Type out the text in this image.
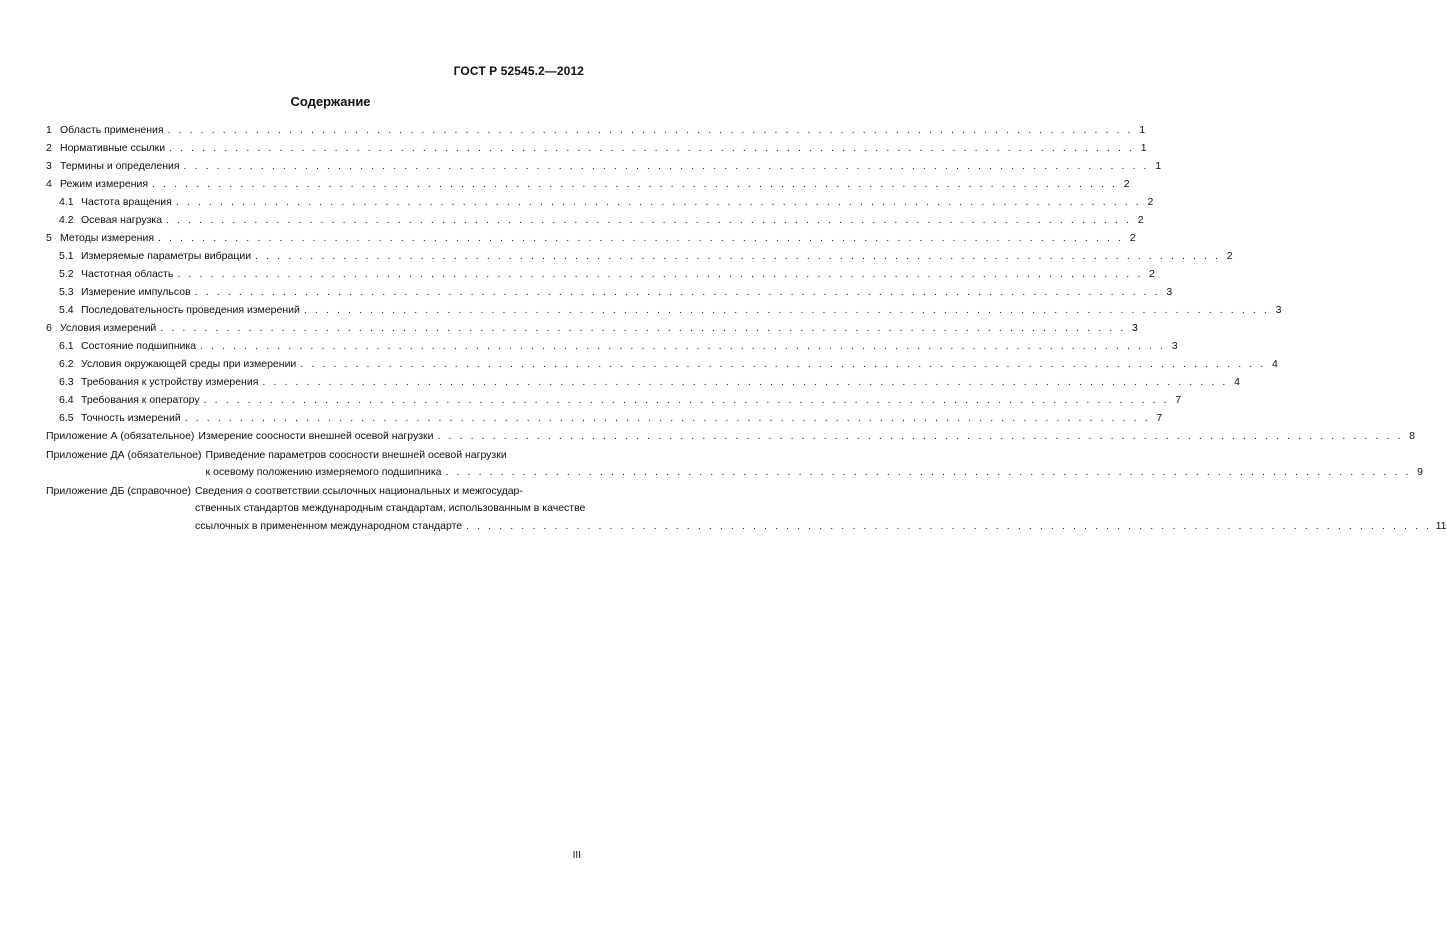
ГОСТ Р 52545.2—2012
Содержание
1 Область применения . . .	1
2 Нормативные ссылки . . .	1
3 Термины и определения . . .	1
4 Режим измерения . . .	2
4.1 Частота вращения . . .	2
4.2 Осевая нагрузка . . .	2
5 Методы измерения . . .	2
5.1 Измеряемые параметры вибрации . . .	2
5.2 Частотная область . . .	2
5.3 Измерение импульсов . . .	3
5.4 Последовательность проведения измерений . . .	3
6 Условия измерений . . .	3
6.1 Состояние подшипника . . .	3
6.2 Условия окружающей среды при измерении . . .	4
6.3 Требования к устройству измерения . . .	4
6.4 Требования к оператору . . .	7
6.5 Точность измерений . . .	7
Приложение А (обязательное) Измерение соосности внешней осевой нагрузки . . .	8
Приложение ДА (обязательное) Приведение параметров соосности внешней осевой нагрузки
к осевому положению измеряемого подшипника . . .	9
Приложение ДБ (справочное) Сведения о соответствии ссылочных национальных и межгосудар-
ственных стандартов международным стандартам, использованным в качестве
ссылочных в примененном международном стандарте . . .	11
III
